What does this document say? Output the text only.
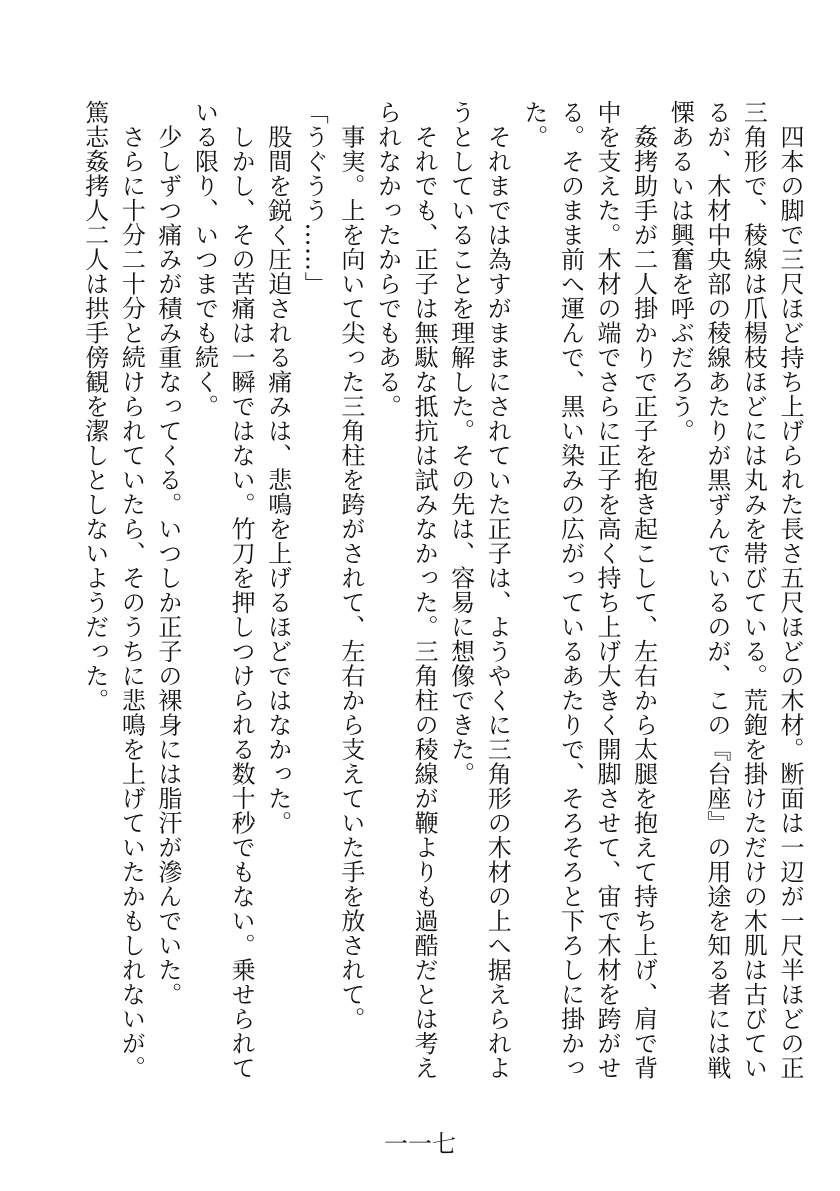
　四本の脚で三尺ほど持ち上げられた長さ五尺ほどの木材。断面は一辺が一尺半ほどの正

三角形で、稜線は爪楊枝ほどには丸みを帯びている。荒鉋を掛けただけの木肌は古びてい

るが、木材中央部の稜線あたりが黒ずんでいるのが、この『台座』の用途を知る者には戦

慄あるいは興奮を呼ぶだろう。

　姦拷助手が二人掛かりで正子を抱き起こして、左右から太腿を抱えて持ち上げ、肩で背

中を支えた。木材の端でさらに正子を高く持ち上げ大きく開脚させて、宙で木材を跨がせ

る。そのまま前へ運んで、黒い染みの広がっているあたりで、そろそろと下ろしに掛かっ

た。

　それまでは為すがままにされていた正子は、ようやくに三角形の木材の上へ据えられよ

うとしていることを理解した。その先は、容易に想像できた。

　それでも、正子は無駄な抵抗は試みなかった。三角柱の稜線が鞭よりも過酷だとは考え

られなかったからでもある。

　事実。上を向いて尖った三角柱を跨がされて、左右から支えていた手を放されて。

「うぐうう……」

　股間を鋭く圧迫される痛みは、悲鳴を上げるほどではなかった。

　しかし、その苦痛は一瞬ではない。竹刀を押しつけられる数十秒でもない。乗せられて

いる限り、いつまでも続く。

　少しずつ痛みが積み重なってくる。いつしか正子の裸身には脂汗が滲んでいた。

　さらに十分二十分と続けられていたら、そのうちに悲鳴を上げていたかもしれないが。

篤志姦拷人二人は拱手傍観を潔しとしないようだった。

一一七
